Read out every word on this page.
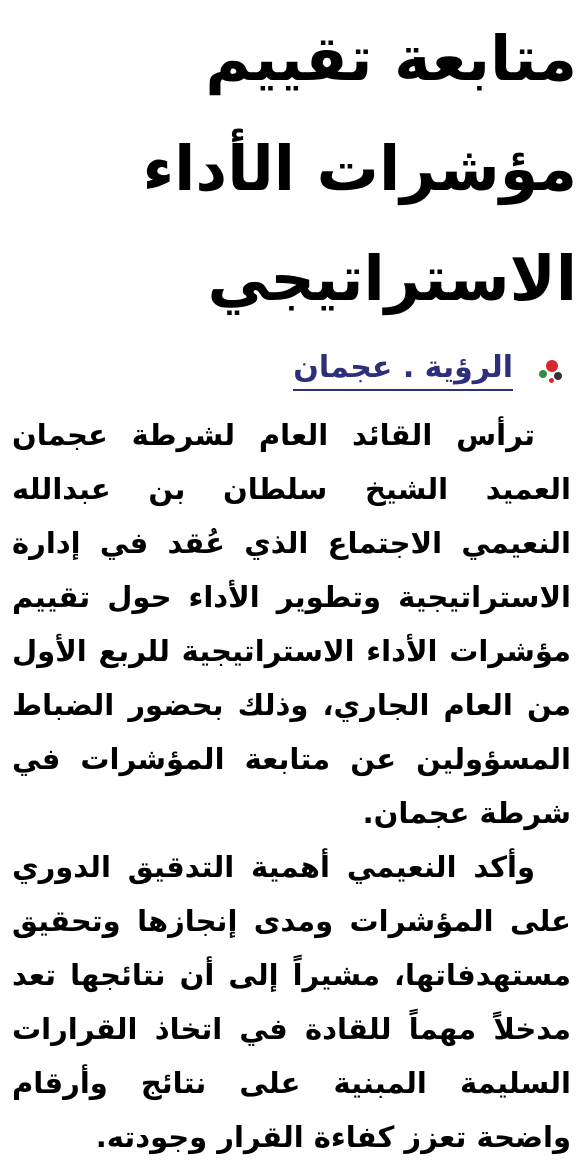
متابعة تقييم
مؤشرات الأداء
الاستراتيجي
الرؤية . عجمان

ترأس القائد العام لشرطة عجمان العميد الشيخ سلطان بن عبدالله النعيمي الاجتماع الذي عُقد في إدارة الاستراتيجية وتطوير الأداء حول تقييم مؤشرات الأداء الاستراتيجية للربع الأول من العام الجاري، وذلك بحضور الضباط المسؤولين عن متابعة المؤشرات في شرطة عجمان.

وأكد النعيمي أهمية التدقيق الدوري على المؤشرات ومدى إنجازها وتحقيق مستهدفاتها، مشيراً إلى أن نتائجها تعد مدخلاً مهماً للقادة في اتخاذ القرارات السليمة المبنية على نتائج وأرقام واضحة تعزز كفاءة القرار وجودته.
